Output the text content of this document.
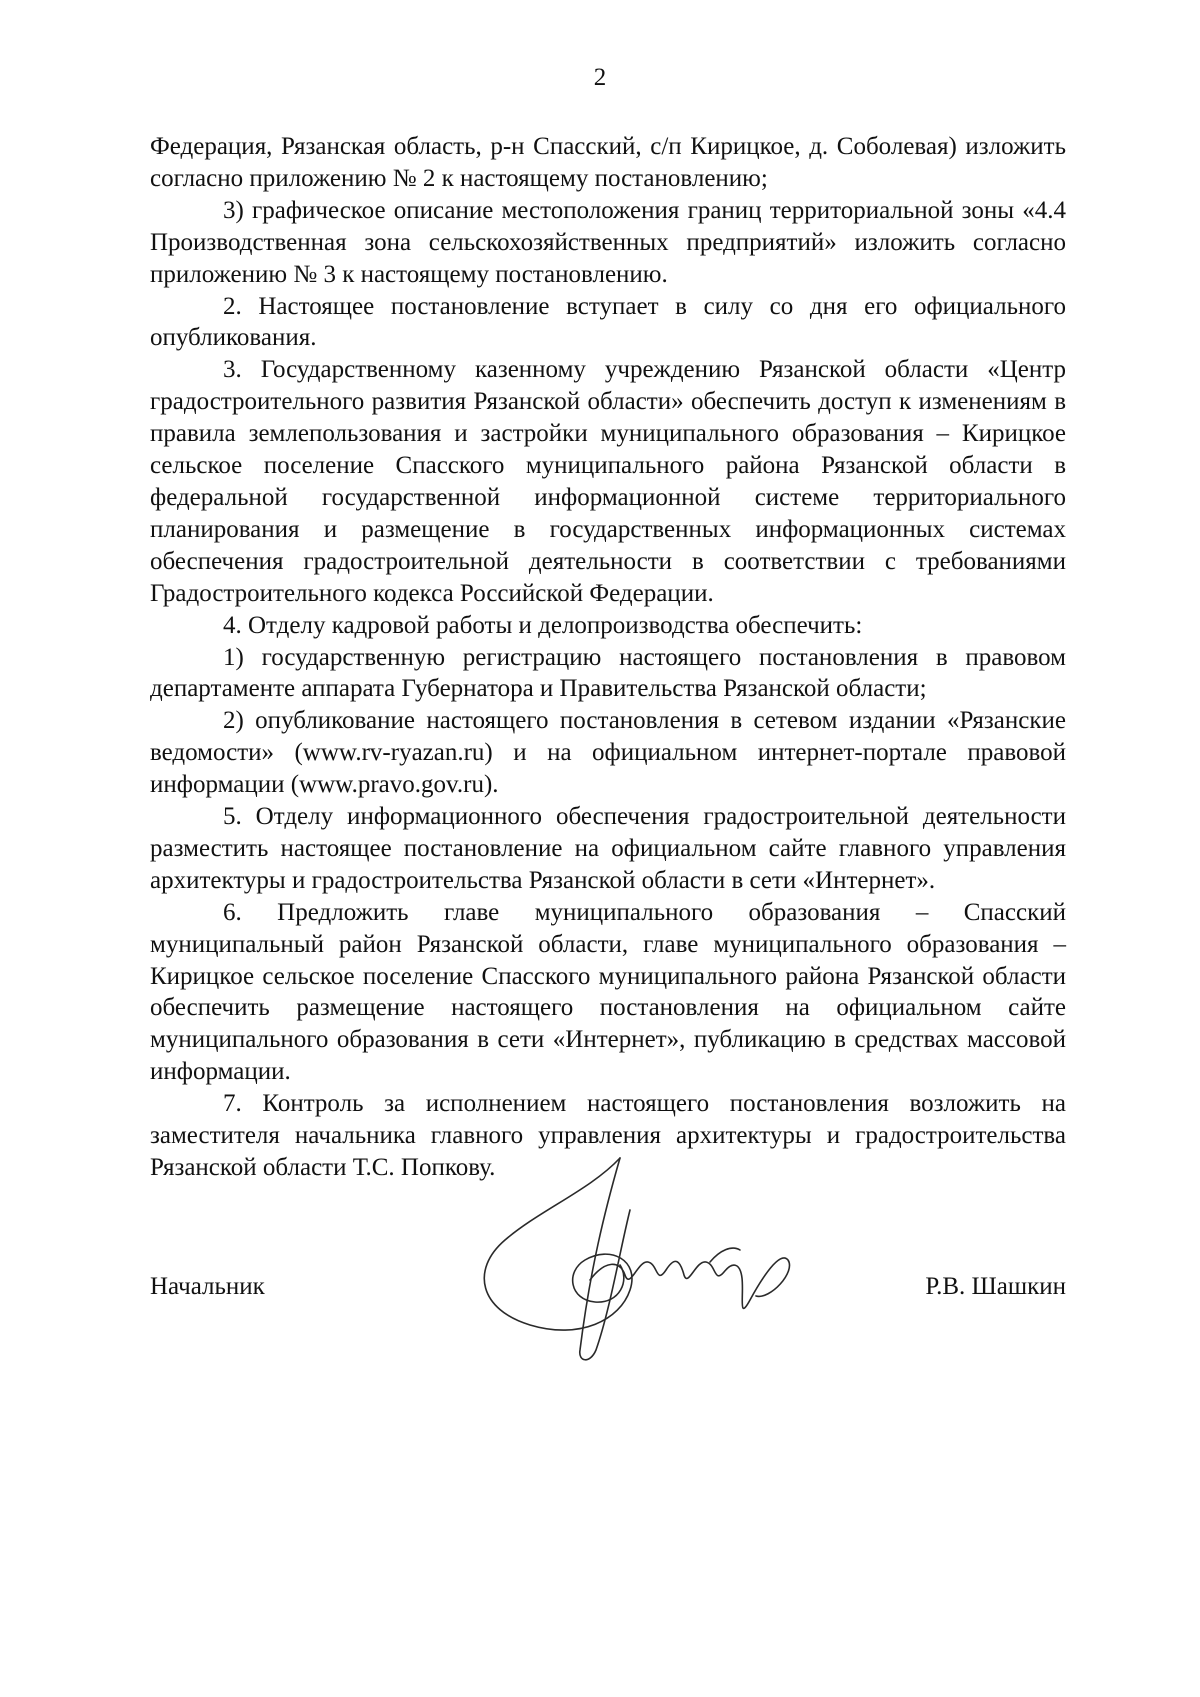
2

Федерация, Рязанская область, р-н Спасский, с/п Кирицкое, д. Соболевая) изложить согласно приложению № 2 к настоящему постановлению;

3) графическое описание местоположения границ территориальной зоны «4.4 Производственная зона сельскохозяйственных предприятий» изложить согласно приложению № 3 к настоящему постановлению.

2. Настоящее постановление вступает в силу со дня его официального опубликования.

3. Государственному казенному учреждению Рязанской области «Центр градостроительного развития Рязанской области» обеспечить доступ к изменениям в правила землепользования и застройки муниципального образования – Кирицкое сельское поселение Спасского муниципального района Рязанской области в федеральной государственной информационной системе территориального планирования и размещение в государственных информационных системах обеспечения градостроительной деятельности в соответствии с требованиями Градостроительного кодекса Российской Федерации.

4. Отделу кадровой работы и делопроизводства обеспечить:

1) государственную регистрацию настоящего постановления в правовом департаменте аппарата Губернатора и Правительства Рязанской области;

2) опубликование настоящего постановления в сетевом издании «Рязанские ведомости» (www.rv-ryazan.ru) и на официальном интернет-портале правовой информации (www.pravo.gov.ru).

5. Отделу информационного обеспечения градостроительной деятельности разместить настоящее постановление на официальном сайте главного управления архитектуры и градостроительства Рязанской области в сети «Интернет».

6. Предложить главе муниципального образования – Спасский муниципальный район Рязанской области, главе муниципального образования – Кирицкое сельское поселение Спасского муниципального района Рязанской области обеспечить размещение настоящего постановления на официальном сайте муниципального образования в сети «Интернет», публикацию в средствах массовой информации.

7. Контроль за исполнением настоящего постановления возложить на заместителя начальника главного управления архитектуры и градостроительства Рязанской области Т.С. Попкову.

Начальник	Р.В. Шашкин
